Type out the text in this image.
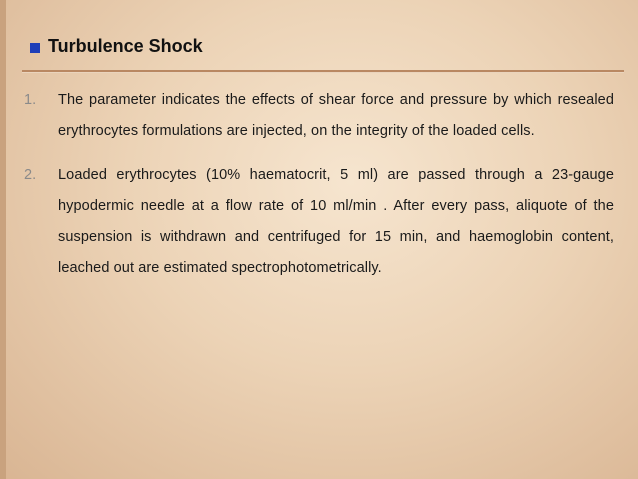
Turbulence Shock
1.	The parameter indicates the effects of shear force and pressure by which resealed erythrocytes formulations are injected, on the integrity of the loaded cells.
2.	Loaded erythrocytes (10% haematocrit, 5 ml) are passed through a 23-gauge hypodermic needle at a flow rate of 10 ml/min . After every pass, aliquote of the suspension is withdrawn and centrifuged for 15 min, and haemoglobin content, leached out are estimated spectrophotometrically.
